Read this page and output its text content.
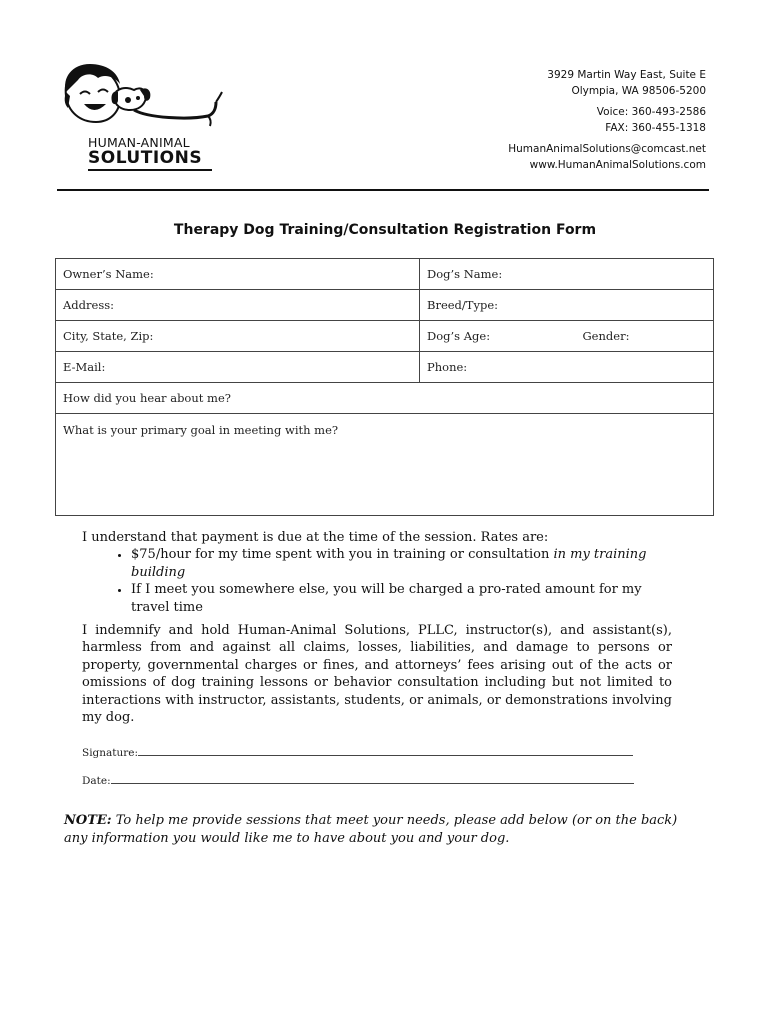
HUMAN-ANIMAL
SOLUTIONS
3929 Martin Way East, Suite E
Olympia, WA 98506-5200
Voice: 360-493-2586
FAX: 360-455-1318
HumanAnimalSolutions@comcast.net
www.HumanAnimalSolutions.com
Therapy Dog Training/Consultation Registration Form
Owner’s Name:	Dog’s Name:
Address:	Breed/Type:
City, State, Zip:	Dog’s Age: Gender:

E-Mail:	Phone:
How did you hear about me?	
What is your primary goal in meeting with me?	
I understand that payment is due at the time of the session. Rates are:
• $75/hour for my time spent with you in training or consultation in my training building
• If I meet you somewhere else, you will be charged a pro-rated amount for my travel time
I indemnify and hold Human-Animal Solutions, PLLC, instructor(s), and assistant(s), harmless from and against all claims, losses, liabilities, and damage to persons or property, governmental charges or fines, and attorneys’ fees arising out of the acts or omissions of dog training lessons or behavior consultation including but not limited to interactions with instructor, assistants, students, or animals, or demonstrations involving my dog.
Signature:
Date:
NOTE: To help me provide sessions that meet your needs, please add below (or on the back) any information you would like me to have about you and your dog.
